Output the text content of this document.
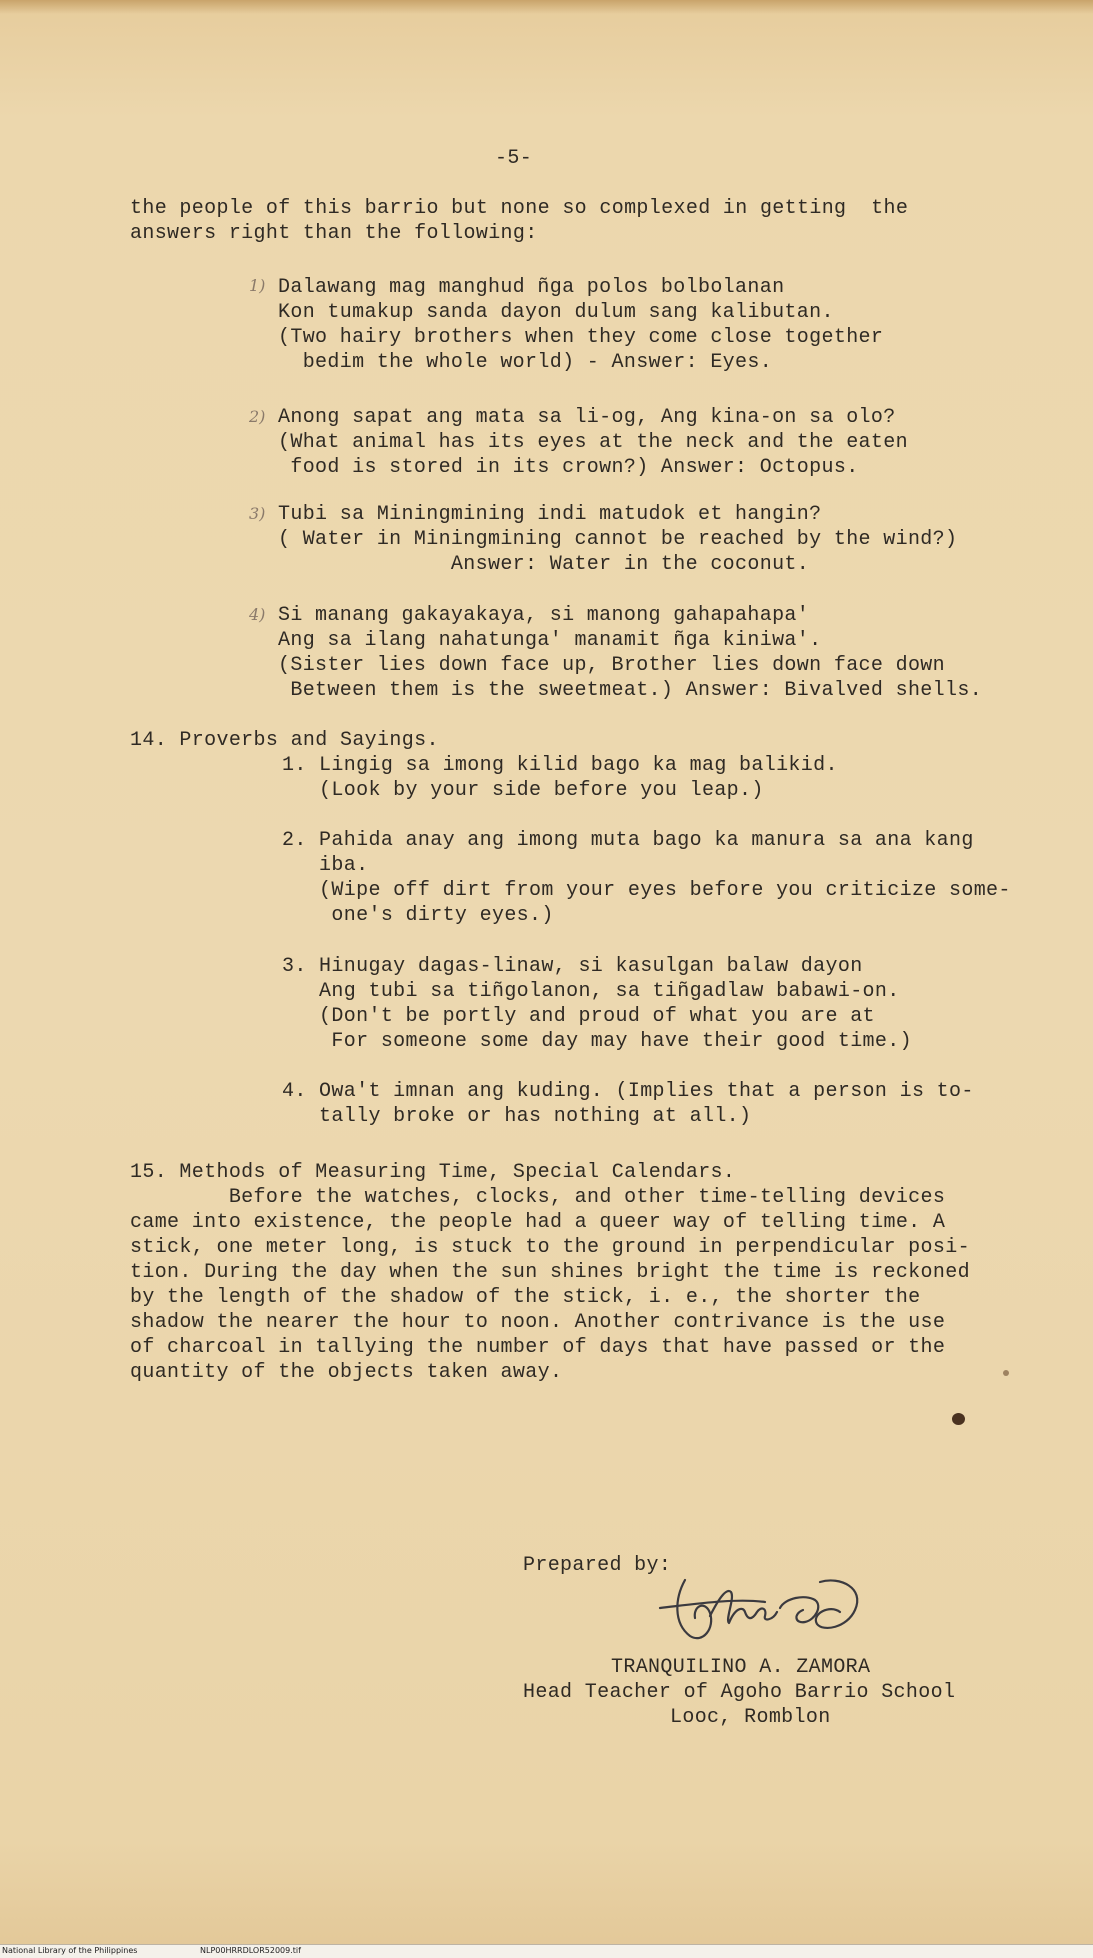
-5-
the people of this barrio but none so complexed in getting  the
answers right than the following:
1) Dalawang mag manghud ñga polos bolbolanan
Kon tumakup sanda dayon dulum sang kalibutan.
(Two hairy brothers when they come close together
bedim the whole world) - Answer: Eyes.
2) Anong sapat ang mata sa li-og, Ang kina-on sa olo?
(What animal has its eyes at the neck and the eaten
food is stored in its crown?) Answer: Octopus.
3) Tubi sa Miningmining indi matudok et hangin?
( Water in Miningmining cannot be reached by the wind?)
Answer: Water in the coconut.
4) Si manang gakayakaya, si manong gahapahapa'
Ang sa ilang nahatunga' manamit ñga kiniwa'.
(Sister lies down face up, Brother lies down face down
Between them is the sweetmeat.) Answer: Bivalved shells.
14. Proverbs and Sayings.
1. Lingig sa imong kilid bago ka mag balikid.
(Look by your side before you leap.)
2. Pahida anay ang imong muta bago ka manura sa ana kang
iba.
(Wipe off dirt from your eyes before you criticize some-
one's dirty eyes.)
3. Hinugay dagas-linaw, si kasulgan balaw dayon
Ang tubi sa tiñgolanon, sa tiñgadlaw babawi-on.
(Don't be portly and proud of what you are at
For someone some day may have their good time.)
4. Owa't imnan ang kuding. (Implies that a person is to-
tally broke or has nothing at all.)
15. Methods of Measuring Time, Special Calendars.
Before the watches, clocks, and other time-telling devices
came into existence, the people had a queer way of telling time. A
stick, one meter long, is stuck to the ground in perpendicular posi-
tion. During the day when the sun shines bright the time is reckoned
by the length of the shadow of the stick, i. e., the shorter the
shadow the nearer the hour to noon. Another contrivance is the use
of charcoal in tallying the number of days that have passed or the
quantity of the objects taken away.
Prepared by:
TRANQUILINO A. ZAMORA
Head Teacher of Agoho Barrio School
Looc, Romblon
National Library of the Philippines	NLP00HRRDLOR52009.tif
